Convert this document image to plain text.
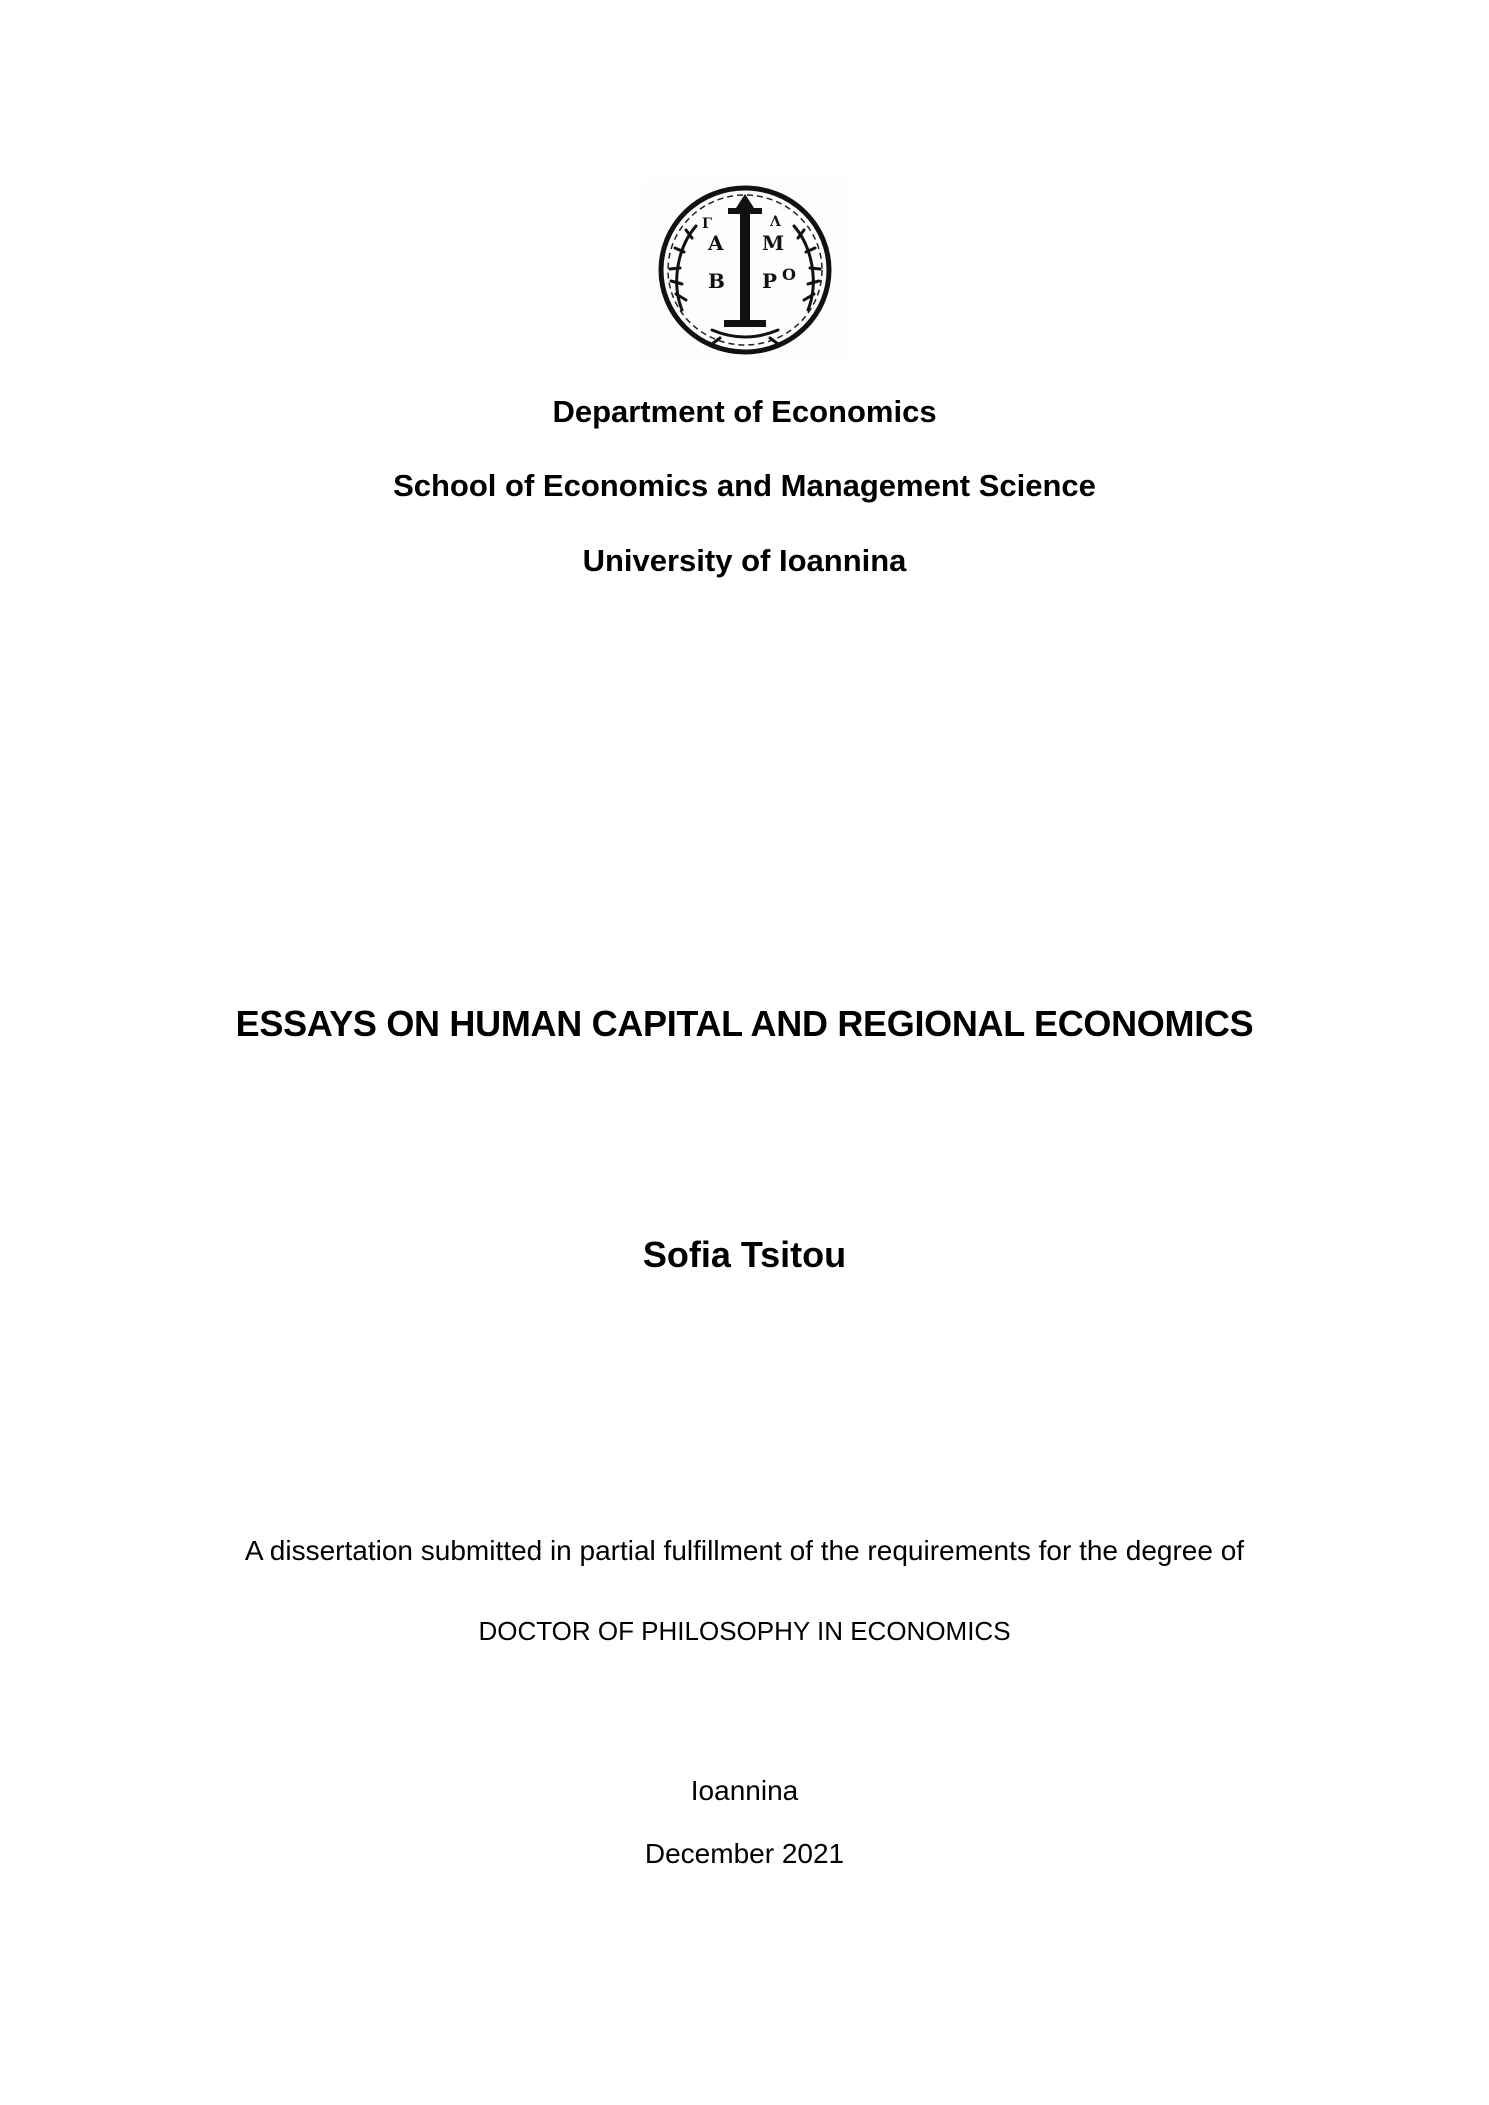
Α Μ
Β Ρ Ο
Γ	Λ
Department of Economics
School of Economics and Management Science
University of Ioannina
ESSAYS ON HUMAN CAPITAL AND REGIONAL ECONOMICS
Sofia Tsitou
A dissertation submitted in partial fulfillment of the requirements for the degree of
DOCTOR OF PHILOSOPHY IN ECONOMICS
Ioannina
December 2021
